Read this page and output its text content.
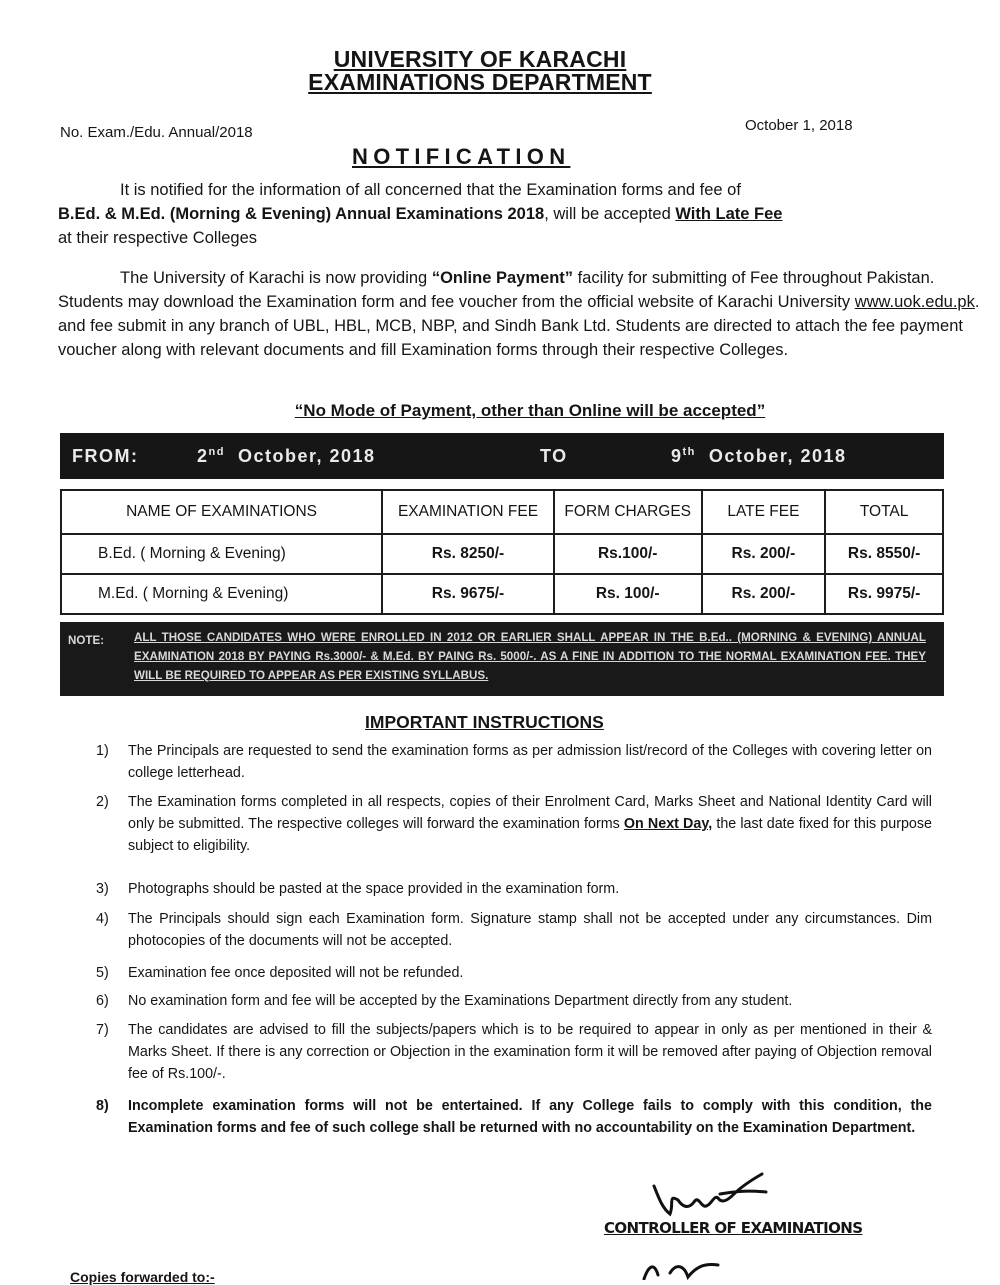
UNIVERSITY OF KARACHI
EXAMINATIONS DEPARTMENT
No. Exam./Edu. Annual/2018	October 1, 2018
NOTIFICATION
It is notified for the information of all concerned that the Examination forms and fee of
B.Ed. & M.Ed. (Morning & Evening) Annual Examinations 2018, will be accepted With Late Fee
at their respective Colleges
The University of Karachi is now providing “Online Payment” facility for submitting of Fee throughout Pakistan. Students may download the Examination form and fee voucher from the official website of Karachi University www.uok.edu.pk. and fee submit in any branch of UBL, HBL, MCB, NBP, and Sindh Bank Ltd. Students are directed to attach the fee payment voucher along with relevant documents and fill Examination forms through their respective Colleges.
“No Mode of Payment, other than Online will be accepted”
FROM:	2nd October, 2018	TO	9th October, 2018
NAME OF EXAMINATIONS	EXAMINATION FEE	FORM CHARGES	LATE FEE	TOTAL
B.Ed. ( Morning & Evening)	Rs. 8250/-	Rs.100/-	Rs. 200/-	Rs. 8550/-
M.Ed. ( Morning & Evening)	Rs. 9675/-	Rs. 100/-	Rs. 200/-	Rs. 9975/-
NOTE:	ALL THOSE CANDIDATES WHO WERE ENROLLED IN 2012 OR EARLIER SHALL APPEAR IN THE B.Ed.. (MORNING & EVENING) ANNUAL EXAMINATION 2018 BY PAYING Rs.3000/- & M.Ed. BY PAING Rs. 5000/-. AS A FINE IN ADDITION TO THE NORMAL EXAMINATION FEE. THEY WILL BE REQUIRED TO APPEAR AS PER EXISTING SYLLABUS.
IMPORTANT INSTRUCTIONS
1) The Principals are requested to send the examination forms as per admission list/record of the Colleges with covering letter on college letterhead.
2) The Examination forms completed in all respects, copies of their Enrolment Card, Marks Sheet and National Identity Card will only be submitted. The respective colleges will forward the examination forms On Next Day, the last date fixed for this purpose subject to eligibility.
3) Photographs should be pasted at the space provided in the examination form.
4) The Principals should sign each Examination form. Signature stamp shall not be accepted under any circumstances. Dim photocopies of the documents will not be accepted.
5) Examination fee once deposited will not be refunded.
6) No examination form and fee will be accepted by the Examinations Department directly from any student.
7) The candidates are advised to fill the subjects/papers which is to be required to appear in only as per mentioned in their & Marks Sheet. If there is any correction or Objection in the examination form it will be removed after paying of Objection removal fee of Rs.100/-.
8) Incomplete examination forms will not be entertained. If any College fails to comply with this condition, the Examination forms and fee of such college shall be returned with no accountability on the Examination Department.
CONTROLLER OF EXAMINATIONS
Copies forwarded to:-
